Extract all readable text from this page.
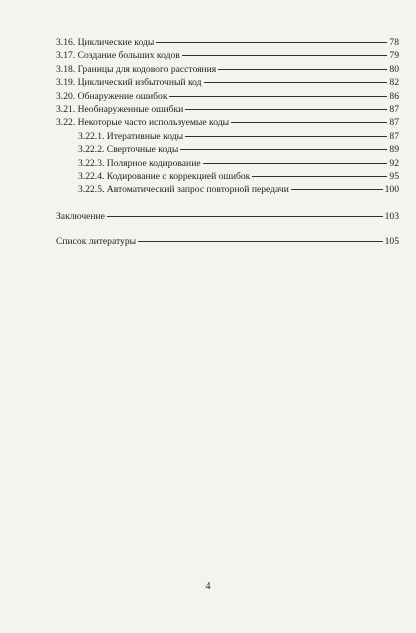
3.16. Циклические коды	78
3.17. Создание больших кодов	79
3.18. Границы для кодового расстояния	80
3.19. Циклический избыточный код	82
3.20. Обнаружение ошибок	86
3.21. Необнаруженные ошибки	87
3.22. Некоторые часто используемые коды	87
3.22.1. Итеративные коды	87
3.22.2. Сверточные коды	89
3.22.3. Полярное кодирование	92
3.22.4. Кодирование с коррекцией ошибок	95
3.22.5. Автоматический запрос повторной передачи	100
Заключение	103
Список литературы	105
4
